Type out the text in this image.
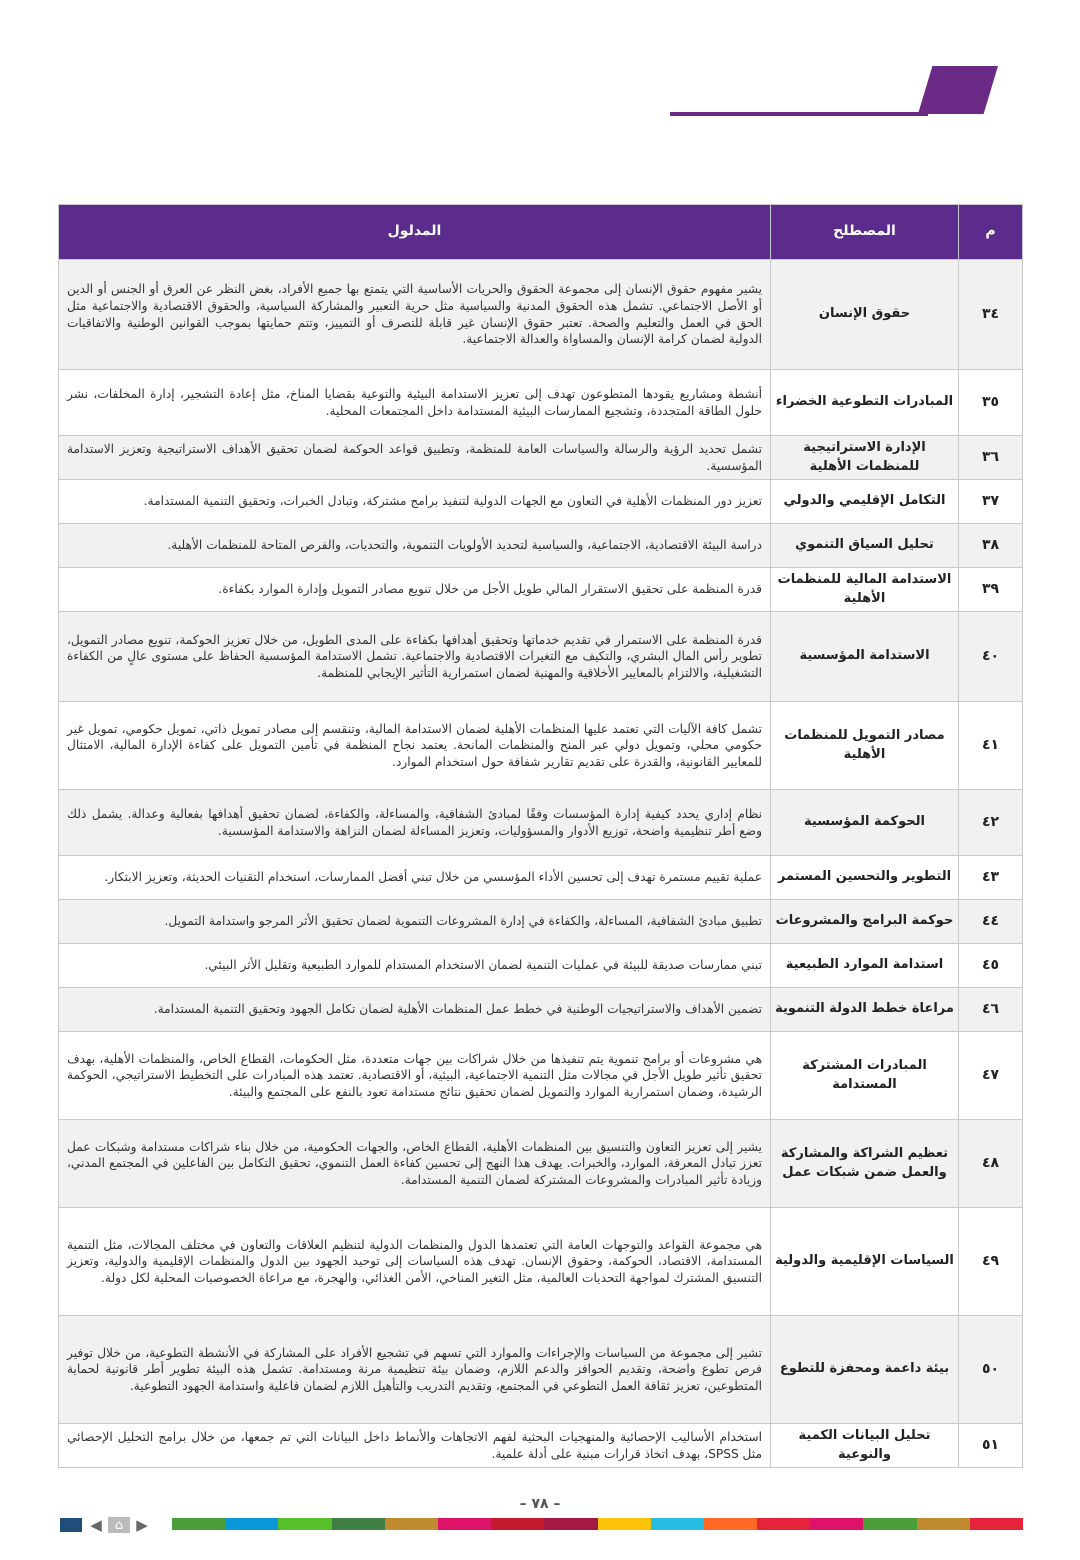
م	المصطلح	المدلول
٣٤	حقوق الإنسان	يشير مفهوم حقوق الإنسان إلى مجموعة الحقوق والحريات الأساسية التي يتمتع بها جميع الأفراد، بغض النظر عن العرق أو الجنس أو الدين أو الأصل الاجتماعي. تشمل هذه الحقوق المدنية والسياسية مثل حرية التعبير والمشاركة السياسية، والحقوق الاقتصادية والاجتماعية مثل الحق في العمل والتعليم والصحة. تعتبر حقوق الإنسان غير قابلة للتصرف أو التمييز، وتتم حمايتها بموجب القوانين الوطنية والاتفاقيات الدولية لضمان كرامة الإنسان والمساواة والعدالة الاجتماعية.
٣٥	المبادرات التطوعية الخضراء	أنشطة ومشاريع يقودها المتطوعون تهدف إلى تعزيز الاستدامة البيئية والتوعية بقضايا المناخ، مثل إعادة التشجير، إدارة المخلفات، نشر حلول الطاقة المتجددة، وتشجيع الممارسات البيئية المستدامة داخل المجتمعات المحلية.
٣٦	الإدارة الاستراتيجية للمنظمات الأهلية	تشمل تحديد الرؤية والرسالة والسياسات العامة للمنظمة، وتطبيق قواعد الحوكمة لضمان تحقيق الأهداف الاستراتيجية وتعزيز الاستدامة المؤسسية.
٣٧	التكامل الإقليمي والدولي	تعزيز دور المنظمات الأهلية في التعاون مع الجهات الدولية لتنفيذ برامج مشتركة، وتبادل الخبرات، وتحقيق التنمية المستدامة.
٣٨	تحليل السياق التنموي	دراسة البيئة الاقتصادية، الاجتماعية، والسياسية لتحديد الأولويات التنموية، والتحديات، والفرص المتاحة للمنظمات الأهلية.
٣٩	الاستدامة المالية للمنظمات الأهلية	قدرة المنظمة على تحقيق الاستقرار المالي طويل الأجل من خلال تنويع مصادر التمويل وإدارة الموارد بكفاءة.
٤٠	الاستدامة المؤسسية	قدرة المنظمة على الاستمرار في تقديم خدماتها وتحقيق أهدافها بكفاءة على المدى الطويل، من خلال تعزيز الحوكمة، تنويع مصادر التمويل، تطوير رأس المال البشري، والتكيف مع التغيرات الاقتصادية والاجتماعية. تشمل الاستدامة المؤسسية الحفاظ على مستوى عالٍ من الكفاءة التشغيلية، والالتزام بالمعايير الأخلاقية والمهنية لضمان استمرارية التأثير الإيجابي للمنظمة.
٤١	مصادر التمويل للمنظمات الأهلية	تشمل كافة الآليات التي تعتمد عليها المنظمات الأهلية لضمان الاستدامة المالية، وتنقسم إلى مصادر تمويل ذاتي، تمويل حكومي، تمويل غير حكومي محلي، وتمويل دولي عبر المنح والمنظمات المانحة. يعتمد نجاح المنظمة في تأمين التمويل على كفاءة الإدارة المالية، الامتثال للمعايير القانونية، والقدرة على تقديم تقارير شفافة حول استخدام الموارد.
٤٢	الحوكمة المؤسسية	نظام إداري يحدد كيفية إدارة المؤسسات وفقًا لمبادئ الشفافية، والمساءلة، والكفاءة، لضمان تحقيق أهدافها بفعالية وعدالة. يشمل ذلك وضع أطر تنظيمية واضحة، توزيع الأدوار والمسؤوليات، وتعزيز المساءلة لضمان النزاهة والاستدامة المؤسسية.
٤٣	التطوير والتحسين المستمر	عملية تقييم مستمرة تهدف إلى تحسين الأداء المؤسسي من خلال تبني أفضل الممارسات، استخدام التقنيات الحديثة، وتعزيز الابتكار.
٤٤	حوكمة البرامج والمشروعات	تطبيق مبادئ الشفافية، المساءلة، والكفاءة في إدارة المشروعات التنموية لضمان تحقيق الأثر المرجو واستدامة التمويل.
٤٥	استدامة الموارد الطبيعية	تبني ممارسات صديقة للبيئة في عمليات التنمية لضمان الاستخدام المستدام للموارد الطبيعية وتقليل الأثر البيئي.
٤٦	مراعاة خطط الدولة التنموية	تضمين الأهداف والاستراتيجيات الوطنية في خطط عمل المنظمات الأهلية لضمان تكامل الجهود وتحقيق التنمية المستدامة.
٤٧	المبادرات المشتركة المستدامة	هي مشروعات أو برامج تنموية يتم تنفيذها من خلال شراكات بين جهات متعددة، مثل الحكومات، القطاع الخاص، والمنظمات الأهلية، بهدف تحقيق تأثير طويل الأجل في مجالات مثل التنمية الاجتماعية، البيئية، أو الاقتصادية. تعتمد هذه المبادرات على التخطيط الاستراتيجي، الحوكمة الرشيدة، وضمان استمرارية الموارد والتمويل لضمان تحقيق نتائج مستدامة تعود بالنفع على المجتمع والبيئة.
٤٨	تعظيم الشراكة والمشاركة والعمل ضمن شبكات عمل	يشير إلى تعزيز التعاون والتنسيق بين المنظمات الأهلية، القطاع الخاص، والجهات الحكومية، من خلال بناء شراكات مستدامة وشبكات عمل تعزز تبادل المعرفة، الموارد، والخبرات. يهدف هذا النهج إلى تحسين كفاءة العمل التنموي، تحقيق التكامل بين الفاعلين في المجتمع المدني، وزيادة تأثير المبادرات والمشروعات المشتركة لضمان التنمية المستدامة.
٤٩	السياسات الإقليمية والدولية	هي مجموعة القواعد والتوجهات العامة التي تعتمدها الدول والمنظمات الدولية لتنظيم العلاقات والتعاون في مختلف المجالات، مثل التنمية المستدامة، الاقتصاد، الحوكمة، وحقوق الإنسان. تهدف هذه السياسات إلى توحيد الجهود بين الدول والمنظمات الإقليمية والدولية، وتعزيز التنسيق المشترك لمواجهة التحديات العالمية، مثل التغير المناخي، الأمن الغذائي، والهجرة، مع مراعاة الخصوصيات المحلية لكل دولة.
٥٠	بيئة داعمة ومحفزة للتطوع	تشير إلى مجموعة من السياسات والإجراءات والموارد التي تسهم في تشجيع الأفراد على المشاركة في الأنشطة التطوعية، من خلال توفير فرص تطوع واضحة، وتقديم الحوافز والدعم اللازم، وضمان بيئة تنظيمية مرنة ومستدامة. تشمل هذه البيئة تطوير أطر قانونية لحماية المتطوعين، تعزيز ثقافة العمل التطوعي في المجتمع، وتقديم التدريب والتأهيل اللازم لضمان فاعلية واستدامة الجهود التطوعية.
٥١	تحليل البيانات الكمية والنوعية	استخدام الأساليب الإحصائية والمنهجيات البحثية لفهم الاتجاهات والأنماط داخل البيانات التي تم جمعها، من خلال برامج التحليل الإحصائي مثل SPSS، بهدف اتخاذ قرارات مبنية على أدلة علمية.
– ٧٨ –
◀	⌂ ▶
